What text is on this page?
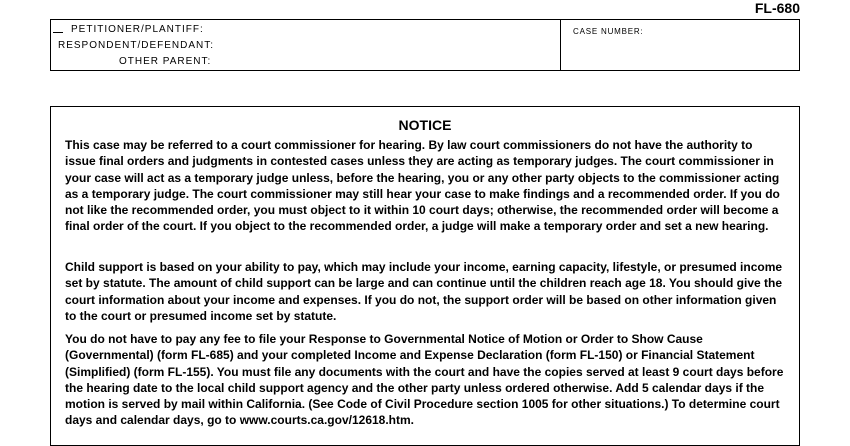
FL-680
PETITIONER/PLANTIFF:
RESPONDENT/DEFENDANT:
OTHER PARENT:
CASE NUMBER:
NOTICE

This case may be referred to a court commissioner for hearing. By law court commissioners do not have the authority to issue final orders and judgments in contested cases unless they are acting as temporary judges. The court commissioner in your case will act as a temporary judge unless, before the hearing, you or any other party objects to the commissioner acting as a temporary judge. The court commissioner may still hear your case to make findings and a recommended order. If you do not like the recommended order, you must object to it within 10 court days; otherwise, the recommended order will become a final order of the court. If you object to the recommended order, a judge will make a temporary order and set a new hearing.

Child support is based on your ability to pay, which may include your income, earning capacity, lifestyle, or presumed income set by statute. The amount of child support can be large and can continue until the children reach age 18. You should give the court information about your income and expenses. If you do not, the support order will be based on other information given to the court or presumed income set by statute.

You do not have to pay any fee to file your Response to Governmental Notice of Motion or Order to Show Cause (Governmental) (form FL-685) and your completed Income and Expense Declaration (form FL-150) or Financial Statement (Simplified) (form FL-155). You must file any documents with the court and have the copies served at least 9 court days before the hearing date to the local child support agency and the other party unless ordered otherwise. Add 5 calendar days if the motion is served by mail within California. (See Code of Civil Procedure section 1005 for other situations.) To determine court days and calendar days, go to www.courts.ca.gov/12618.htm.
